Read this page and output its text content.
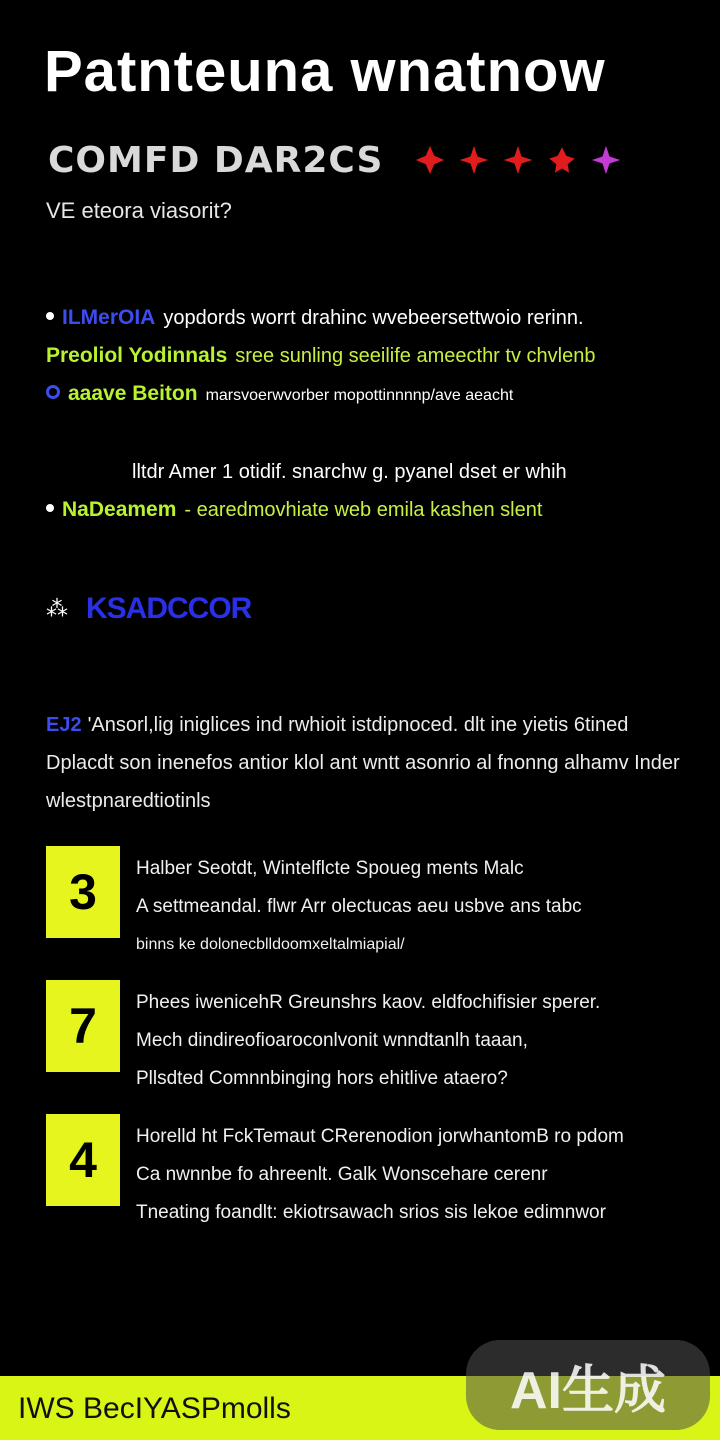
Patnteuna wnatnow
COMFD DAR2CS
VE eteora viasorit?
ILMerOIA yopdords worrt drahinc wvebeersettwoio rerinn.
Preoliol Yodinnals sree sunling seeilife ameecthr tv chvlenb
aaave Beiton marsvoerwvorber mopottinnnnp/ave aeacht
lltdr Amer 1 otidif. snarchw g. pyanel dset er whih
NaDeamem - earedmovhiate web emila kashen slent
⁂ KSADCCOR
EJ2 'Ansorl,lig iniglices ind rwhioit istdipnoced. dlt ine yietis 6tined Dplacdt son inenefos antior klol ant wntt asonrio al fnonng alhamv Inder wlestpnaredtiotinls
3	Halber Seotdt, Wintelflcte Spoueg ments Malc
A settmeandal. flwr Arr olectucas aeu usbve ans tabc
binns ke dolonecblldoomxeltalmiapial/
7	Phees iwenicehR Greunshrs kaov. eldfochifisier sperer.
Mech dindireofioaroconlvonit wnndtanlh taaan,
Pllsdted Comnnbinging hors ehitlive ataero?
4	Horelld ht FckTemaut CRerenodion jorwhantomB ro pdom
Ca nwnnbe fo ahreenlt. Galk Wonscehare cerenr
Tneating foandlt: ekiotrsawach srios sis lekoe edimnwor
IWS BecIYASPmolls	AI生成
